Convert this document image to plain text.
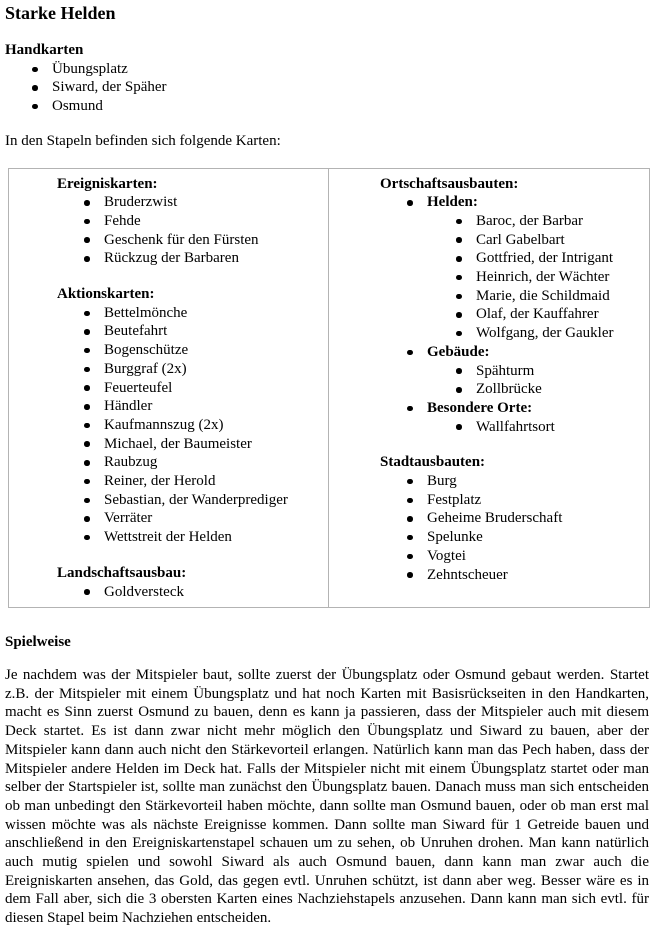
Starke Helden
Handkarten
Übungsplatz
Siward, der Späher
Osmund

In den Stapeln befinden sich folgende Karten:

Ereigniskarten:
Bruderzwist
Fehde
Geschenk für den Fürsten
Rückzug der Barbaren
Aktionskarten:
Bettelmönche
Beutefahrt
Bogenschütze
Burggraf (2x)
Feuerteufel
Händler
Kaufmannszug (2x)
Michael, der Baumeister
Raubzug
Reiner, der Herold
Sebastian, der Wanderprediger
Verräter
Wettstreit der Helden
Landschaftsausbau:
Goldversteck
Ortschaftsausbauten:
Helden:
Baroc, der Barbar
Carl Gabelbart
Gottfried, der Intrigant
Heinrich, der Wächter
Marie, die Schildmaid
Olaf, der Kauffahrer
Wolfgang, der Gaukler
Gebäude:
Spähturm
Zollbrücke
Besondere Orte:
Wallfahrtsort
Stadtausbauten:
Burg
Festplatz
Geheime Bruderschaft
Spelunke
Vogtei
Zehntscheuer
Spielweise

Je nachdem was der Mitspieler baut, sollte zuerst der Übungsplatz oder Osmund gebaut werden. Startet z.B. der Mitspieler mit einem Übungsplatz und hat noch Karten mit Basisrückseiten in den Handkarten, macht es Sinn zuerst Osmund zu bauen, denn es kann ja passieren, dass der Mitspieler auch mit diesem Deck startet. Es ist dann zwar nicht mehr möglich den Übungsplatz und Siward zu bauen, aber der Mitspieler kann dann auch nicht den Stärkevorteil erlangen. Natürlich kann man das Pech haben, dass der Mitspieler andere Helden im Deck hat. Falls der Mitspieler nicht mit einem Übungsplatz startet oder man selber der Startspieler ist, sollte man zunächst den Übungsplatz bauen. Danach muss man sich entscheiden ob man unbedingt den Stärkevorteil haben möchte, dann sollte man Osmund bauen, oder ob man erst mal wissen möchte was als nächste Ereignisse kommen. Dann sollte man Siward für 1 Getreide bauen und anschließend in den Ereigniskartenstapel schauen um zu sehen, ob Unruhen drohen. Man kann natürlich auch mutig spielen und sowohl Siward als auch Osmund bauen, dann kann man zwar auch die Ereigniskarten ansehen, das Gold, das gegen evtl. Unruhen schützt, ist dann aber weg. Besser wäre es in dem Fall aber, sich die 3 obersten Karten eines Nachziehstapels anzusehen. Dann kann man sich evtl. für diesen Stapel beim Nachziehen entscheiden.
